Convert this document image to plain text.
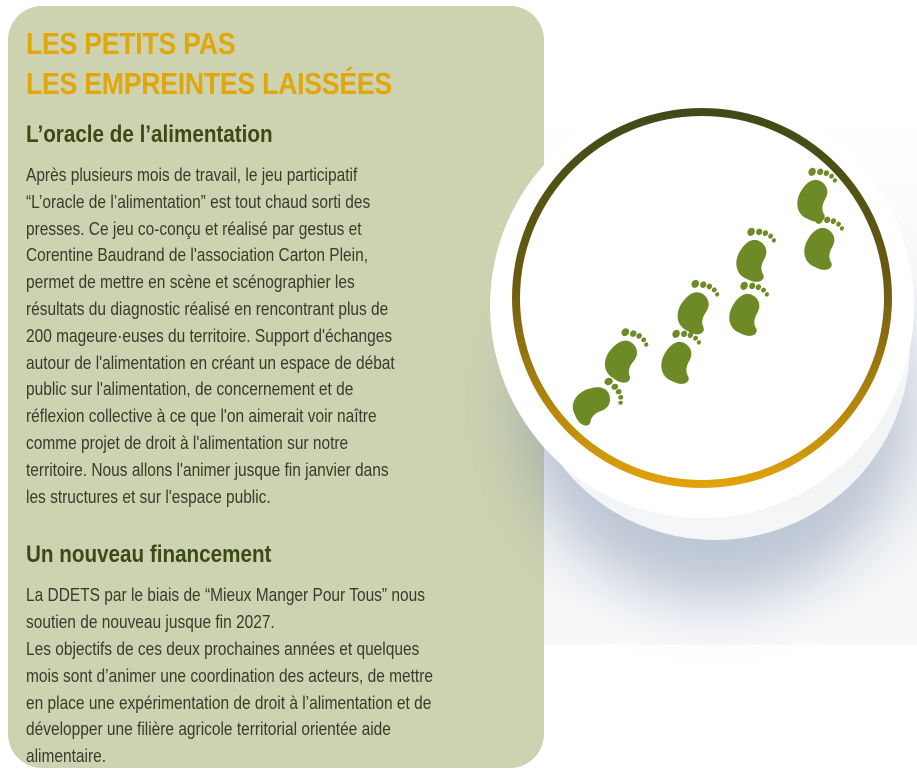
LES PETITS PAS

LES EMPREINTES LAISSÉES

L’oracle de l’alimentation

Après plusieurs mois de travail, le jeu participatif
“L’oracle de l’alimentation” est tout chaud sorti des
presses. Ce jeu co-conçu et réalisé par gestus et
Corentine Baudrand de l'association Carton Plein,
permet de mettre en scène et scénographier les
résultats du diagnostic réalisé en rencontrant plus de
200 mageure·euses du territoire. Support d'échanges
autour de l'alimentation en créant un espace de débat
public sur l'alimentation, de concernement et de
réflexion collective à ce que l'on aimerait voir naître
comme projet de droit à l'alimentation sur notre
territoire. Nous allons l'animer jusque fin janvier dans
les structures et sur l'espace public.

Un nouveau financement

La DDETS par le biais de “Mieux Manger Pour Tous” nous
soutien de nouveau jusque fin 2027.
Les objectifs de ces deux prochaines années et quelques
mois sont d’animer une coordination des acteurs, de mettre
en place une expérimentation de droit à l’alimentation et de
développer une filière agricole territorial orientée aide
alimentaire.
